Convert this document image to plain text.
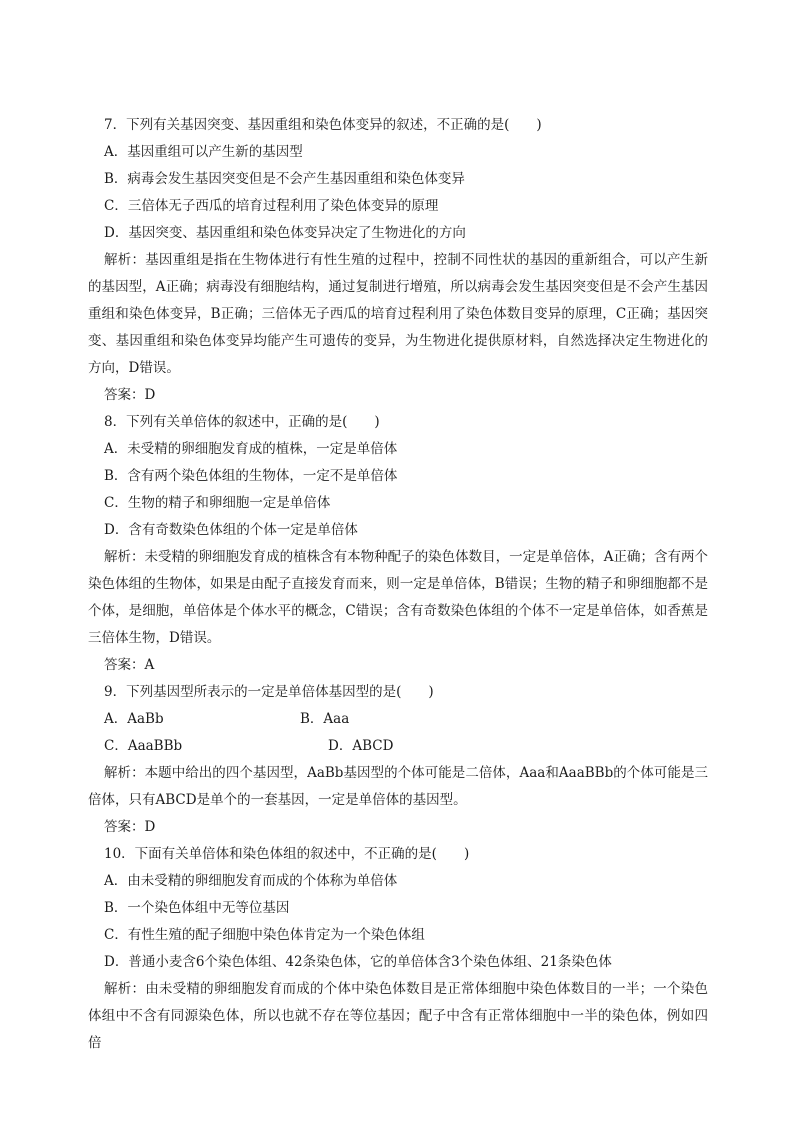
7．下列有关基因突变、基因重组和染色体变异的叙述，不正确的是(　　)
A．基因重组可以产生新的基因型
B．病毒会发生基因突变但是不会产生基因重组和染色体变异
C．三倍体无子西瓜的培育过程利用了染色体变异的原理
D．基因突变、基因重组和染色体变异决定了生物进化的方向
解析：基因重组是指在生物体进行有性生殖的过程中，控制不同性状的基因的重新组合，可以产生新的基因型，A正确；病毒没有细胞结构，通过复制进行增殖，所以病毒会发生基因突变但是不会产生基因重组和染色体变异，B正确；三倍体无子西瓜的培育过程利用了染色体数目变异的原理，C正确；基因突变、基因重组和染色体变异均能产生可遗传的变异，为生物进化提供原材料，自然选择决定生物进化的方向，D错误。
答案：D
8．下列有关单倍体的叙述中，正确的是(　　)
A．未受精的卵细胞发育成的植株，一定是单倍体
B．含有两个染色体组的生物体，一定不是单倍体
C．生物的精子和卵细胞一定是单倍体
D．含有奇数染色体组的个体一定是单倍体
解析：未受精的卵细胞发育成的植株含有本物种配子的染色体数目，一定是单倍体，A正确；含有两个染色体组的生物体，如果是由配子直接发育而来，则一定是单倍体，B错误；生物的精子和卵细胞都不是个体，是细胞，单倍体是个体水平的概念，C错误；含有奇数染色体组的个体不一定是单倍体，如香蕉是三倍体生物，D错误。
答案：A
9．下列基因型所表示的一定是单倍体基因型的是(　　)
A．AaBb	B．Aaa
C．AaaBBb	D．ABCD
解析：本题中给出的四个基因型，AaBb基因型的个体可能是二倍体，Aaa和AaaBBb的个体可能是三倍体，只有ABCD是单个的一套基因，一定是单倍体的基因型。
答案：D
10．下面有关单倍体和染色体组的叙述中，不正确的是(　　)
A．由未受精的卵细胞发育而成的个体称为单倍体
B．一个染色体组中无等位基因
C．有性生殖的配子细胞中染色体肯定为一个染色体组
D．普通小麦含6个染色体组、42条染色体，它的单倍体含3个染色体组、21条染色体
解析：由未受精的卵细胞发育而成的个体中染色体数目是正常体细胞中染色体数目的一半；一个染色体组中不含有同源染色体，所以也就不存在等位基因；配子中含有正常体细胞中一半的染色体，例如四倍
